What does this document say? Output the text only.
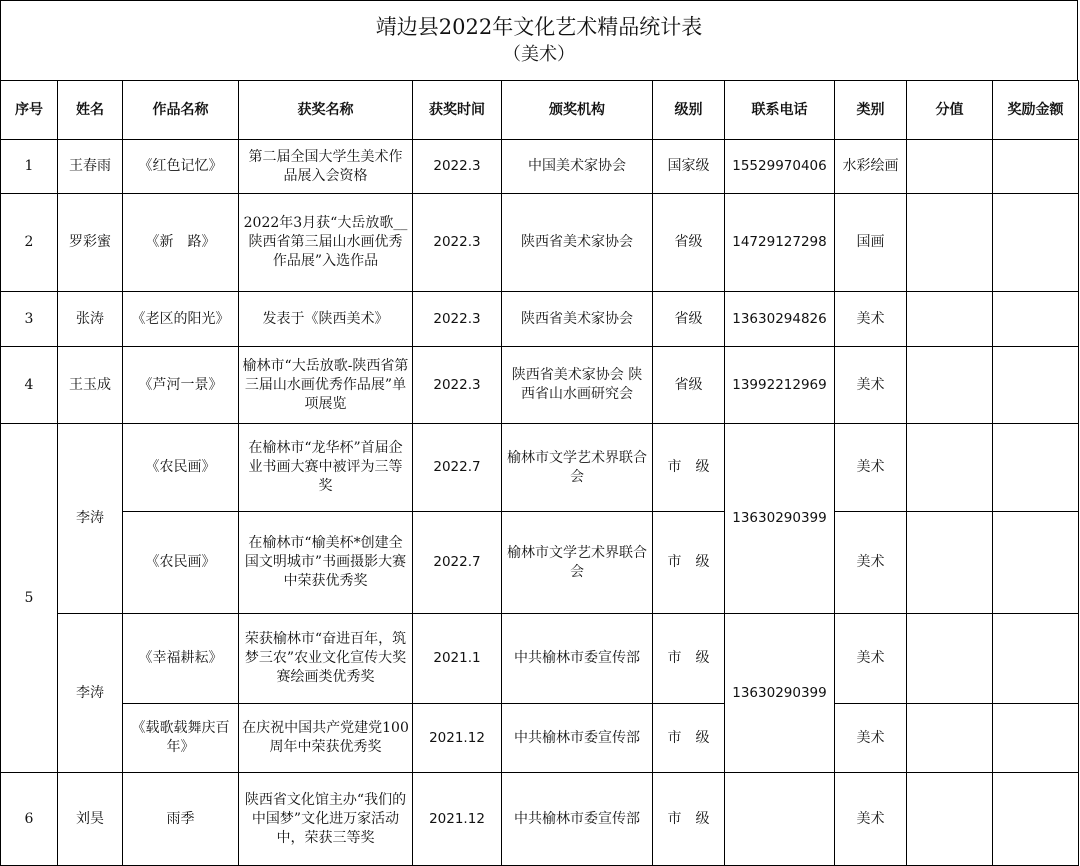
靖边县2022年文化艺术精品统计表
（美术）
序号	姓名	作品名称	获奖名称	获奖时间	颁奖机构	级别	联系电话	类别	分值	奖励金额
1	王春雨	《红色记忆》	第二届全国大学生美术作品展入会资格	2022.3	中国美术家协会	国家级	15529970406	水彩绘画		
2	罗彩蜜	《新　路》	2022年3月获“大岳放歌__陕西省第三届山水画优秀作品展”入选作品	2022.3	陕西省美术家协会	省级	14729127298	国画		
3	张涛	《老区的阳光》	发表于《陕西美术》	2022.3	陕西省美术家协会	省级	13630294826	美术		
4	王玉成	《芦河一景》	榆林市“大岳放歌-陕西省第三届山水画优秀作品展”单项展览	2022.3	陕西省美术家协会 陕西省山水画研究会	省级	13992212969	美术		
5	李涛	《农民画》	在榆林市“龙华杯”首届企业书画大赛中被评为三等奖	2022.7	榆林市文学艺术界联合会	市　级	13630290399	美术		
		《农民画》	在榆林市“榆美杯*创建全国文明城市”书画摄影大赛中荣获优秀奖	2022.7	榆林市文学艺术界联合会	市　级		美术		
	李涛	《幸福耕耘》	荣获榆林市“奋进百年，筑梦三农”农业文化宣传大奖赛绘画类优秀奖	2021.1	中共榆林市委宣传部	市　级	13630290399	美术		
		《载歌载舞庆百年》	在庆祝中国共产党建党100周年中荣获优秀奖	2021.12	中共榆林市委宣传部	市　级		美术		
6	刘昊	雨季	陕西省文化馆主办“我们的中国梦”文化进万家活动中，荣获三等奖	2021.12	中共榆林市委宣传部	市　级		美术		
